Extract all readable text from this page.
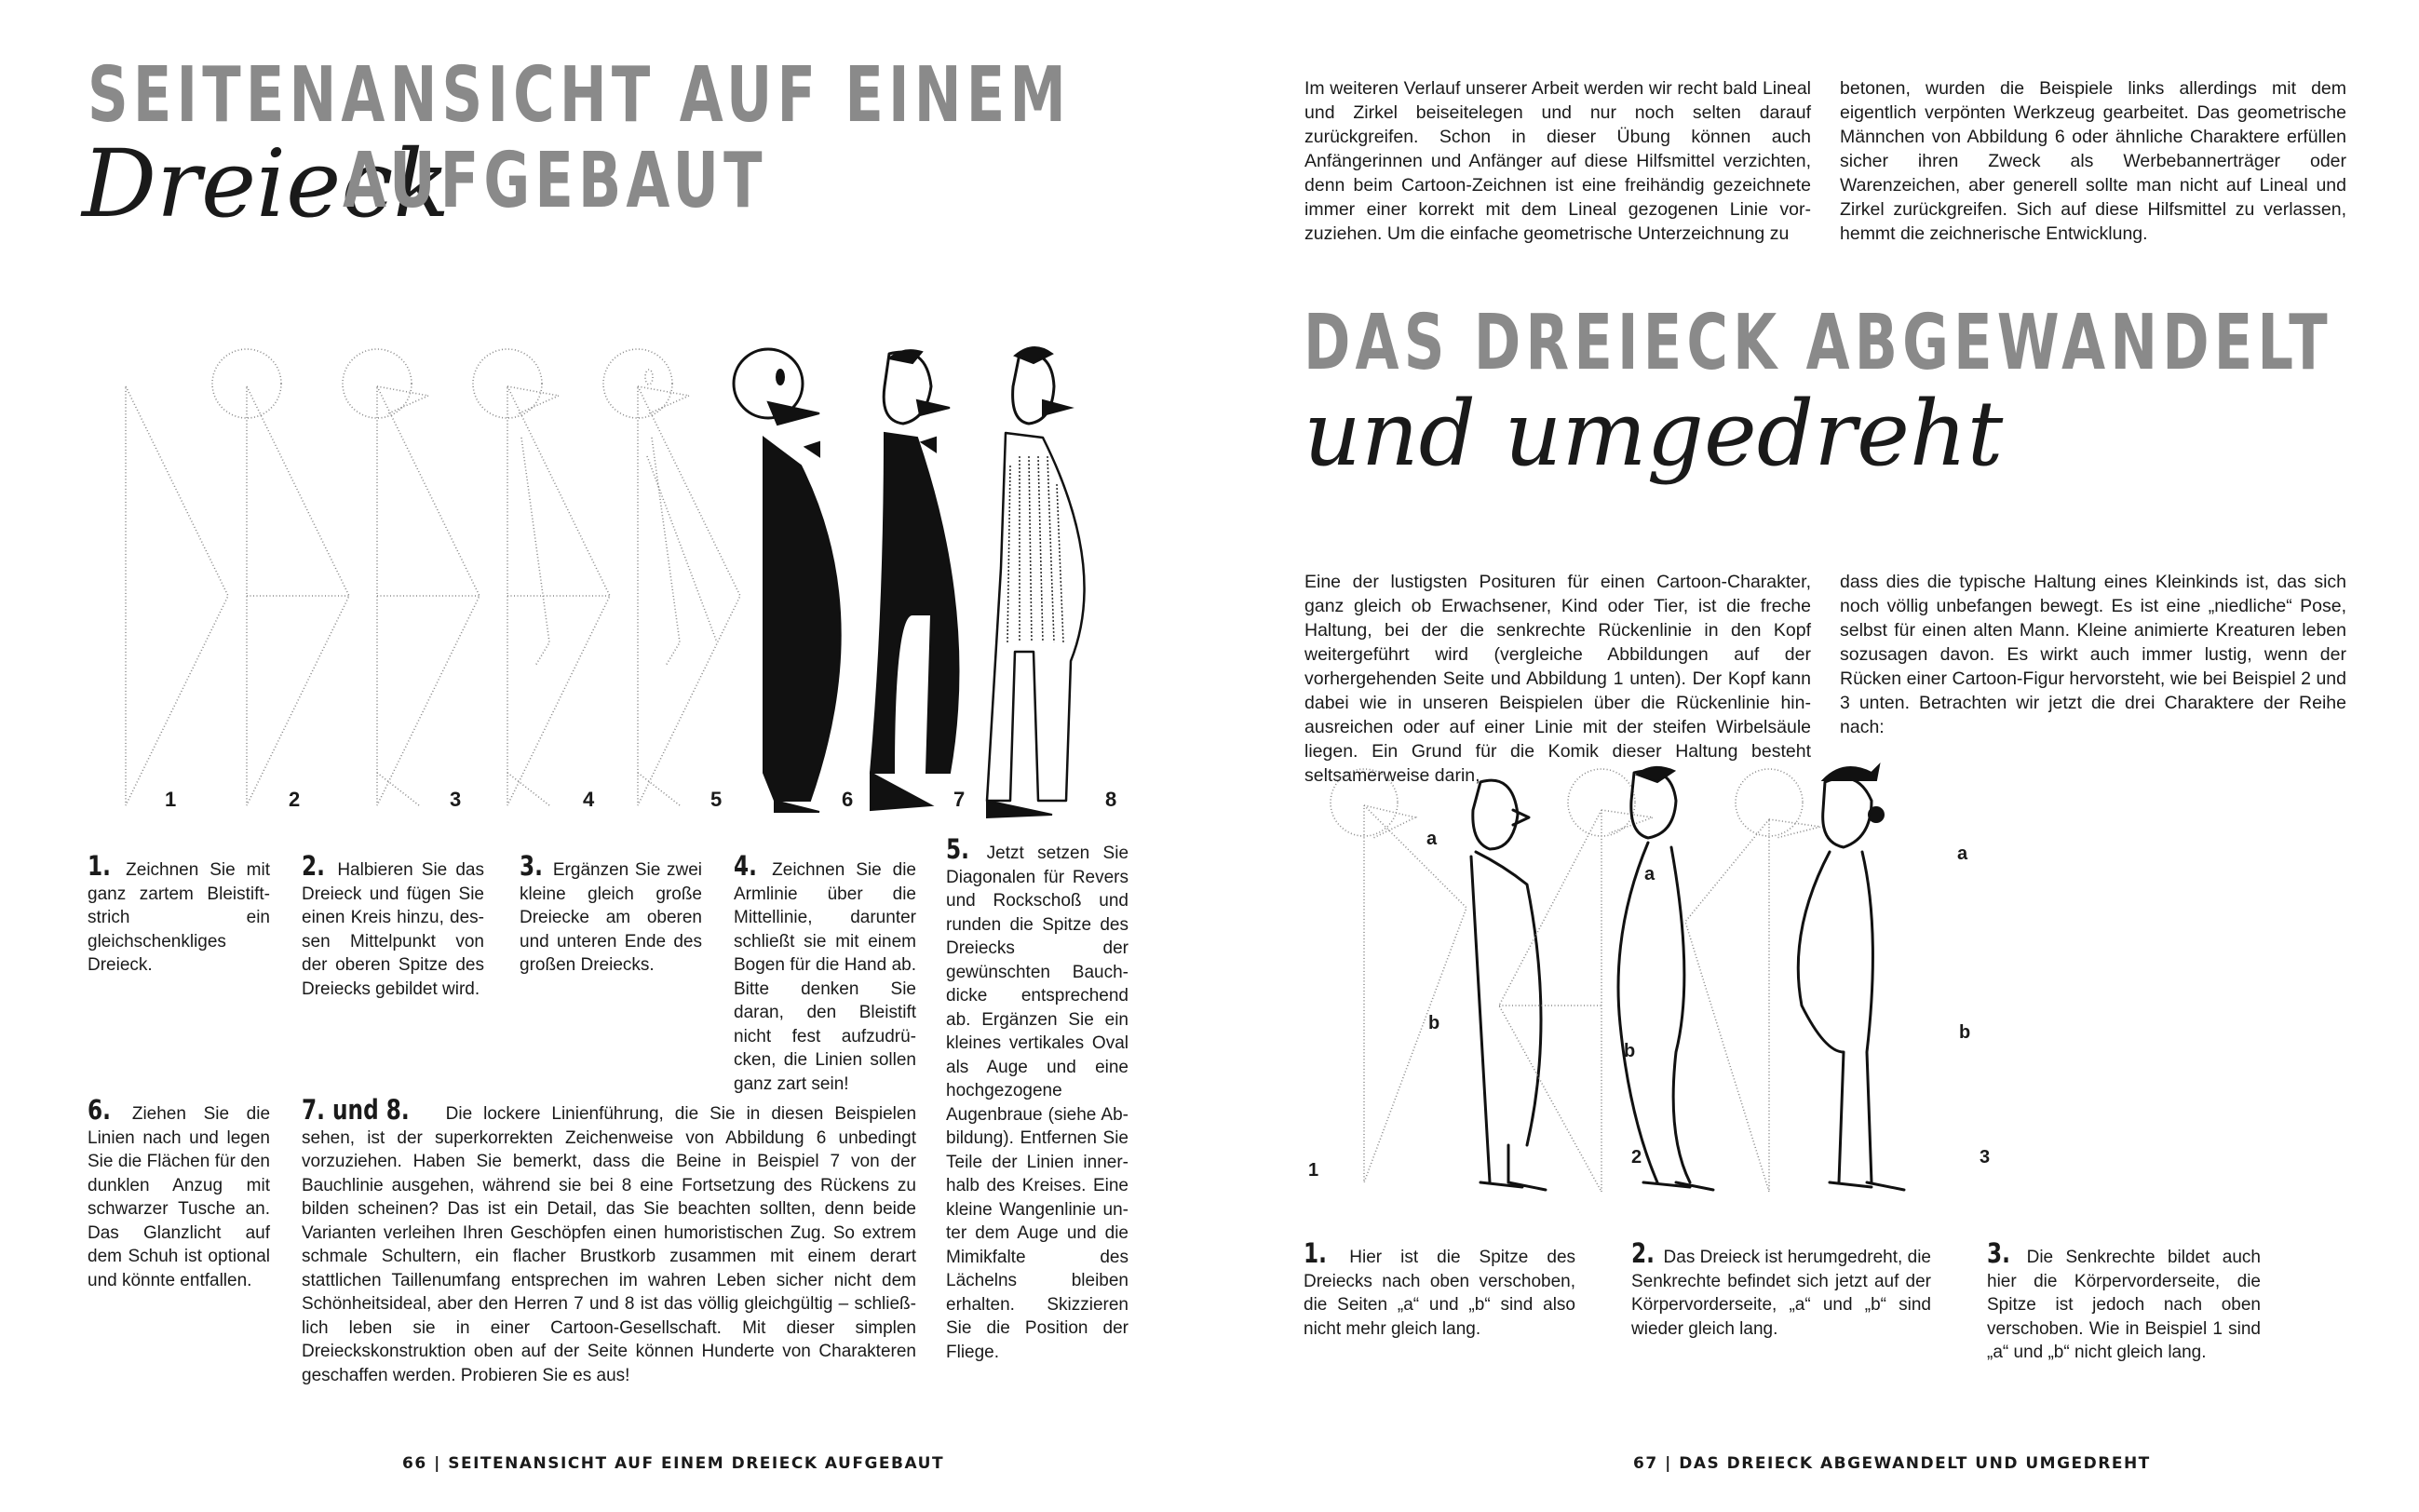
SEITENANSICHT AUF EINEM
Dreieck
AUFGEBAUT
1	2	3	4	5	6	7	8
1. Zeichnen Sie mit ganz zartem Bleistiftstrich ein gleichschenkliges Dreieck.
2. Halbieren Sie das Dreieck und fügen Sie einen Kreis hinzu, dessen Mittelpunkt von der oberen Spitze des Dreiecks gebildet wird.
3. Ergänzen Sie zwei kleine gleich große Dreiecke am oberen und unteren Ende des großen Dreiecks.
4. Zeichnen Sie die Armlinie über die Mittellinie, darunter schließt sie mit einem Bogen für die Hand ab. Bitte denken Sie daran, den Bleistift nicht fest aufzudrücken, die Linien sollen ganz zart sein!
5. Jetzt setzen Sie Diagonalen für Revers und Rockschoß und runden die Spitze des Dreiecks der gewünschten Bauchdicke entsprechend ab. Ergänzen Sie ein kleines vertikales Oval als Auge und eine hochgezogene Augenbraue (siehe Abbildung). Entfernen Sie Teile der Linien innerhalb des Kreises. Eine kleine Wangenlinie unter dem Auge und die Mimikfalte des Lächelns bleiben erhalten. Skizzieren Sie die Position der Fliege.
6. Ziehen Sie die Linien nach und legen Sie die Flächen für den dunklen Anzug mit schwarzer Tusche an. Das Glanzlicht auf dem Schuh ist optional und könnte entfallen.
7. und 8. Die lockere Linienführung, die Sie in diesen Beispielen sehen, ist der superkorrekten Zeichenweise von Abbildung 6 unbedingt vorzuziehen. Haben Sie bemerkt, dass die Beine in Beispiel 7 von der Bauchlinie ausgehen, während sie bei 8 eine Fortsetzung des Rückens zu bilden scheinen? Das ist ein Detail, das Sie beachten sollten, denn beide Varianten verleihen Ihren Geschöpfen einen humoristischen Zug. So extrem schmale Schultern, ein flacher Brustkorb zusammen mit einem derart stattlichen Taillenumfang entsprechen im wahren Leben sicher nicht dem Schönheitsideal, aber den Herren 7 und 8 ist das völlig gleichgültig – schließlich leben sie in einer Cartoon-Gesellschaft. Mit dieser simplen Dreieckskonstruktion oben auf der Seite können Hunderte von Charakteren geschaffen werden. Probieren Sie es aus!
66 | SEITENANSICHT AUF EINEM DREIECK AUFGEBAUT
Im weiteren Verlauf unserer Arbeit werden wir recht bald Lineal und Zirkel beiseitelegen und nur noch selten darauf zurückgreifen. Schon in dieser Übung können auch Anfängerinnen und Anfänger auf diese Hilfsmittel verzichten, denn beim Cartoon-Zeichnen ist eine freihändig gezeichnete immer einer korrekt mit dem Lineal gezogenen Linie vorzuziehen. Um die einfache geometrische Unterzeichnung zu
betonen, wurden die Beispiele links allerdings mit dem eigentlich verpönten Werkzeug gearbeitet. Das geometrische Männchen von Abbildung 6 oder ähnliche Charaktere erfüllen sicher ihren Zweck als Werbebannerträger oder Warenzeichen, aber generell sollte man nicht auf Lineal und Zirkel zurückgreifen. Sich auf diese Hilfsmittel zu verlassen, hemmt die zeichnerische Entwicklung.
DAS DREIECK ABGEWANDELT
und umgedreht
Eine der lustigsten Posituren für einen Cartoon-Charakter, ganz gleich ob Erwachsener, Kind oder Tier, ist die freche Haltung, bei der die senkrechte Rückenlinie in den Kopf weitergeführt wird (vergleiche Abbildungen auf der vorhergehenden Seite und Abbildung 1 unten). Der Kopf kann dabei wie in unseren Beispielen über die Rückenlinie hinausreichen oder auf einer Linie mit der steifen Wirbelsäule liegen. Ein Grund für die Komik dieser Haltung besteht seltsamerweise darin,
dass dies die typische Haltung eines Kleinkinds ist, das sich noch völlig unbefangen bewegt. Es ist eine „niedliche“ Pose, selbst für einen alten Mann. Kleine animierte Kreaturen leben sozusagen davon. Es wirkt auch immer lustig, wenn der Rücken einer Cartoon-Figur hervorsteht, wie bei Beispiel 2 und 3 unten. Betrachten wir jetzt die drei Charaktere der Reihe nach:
a
b
1
a
b
2
a
b
3
1. Hier ist die Spitze des Dreiecks nach oben verschoben, die Seiten „a“ und „b“ sind also nicht mehr gleich lang.
2. Das Dreieck ist herumgedreht, die Senkrechte befindet sich jetzt auf der Körpervorderseite, „a“ und „b“ sind wieder gleich lang.
3. Die Senkrechte bildet auch hier die Körpervorderseite, die Spitze ist jedoch nach oben verschoben. Wie in Beispiel 1 sind „a“ und „b“ nicht gleich lang.
67 | DAS DREIECK ABGEWANDELT UND UMGEDREHT
